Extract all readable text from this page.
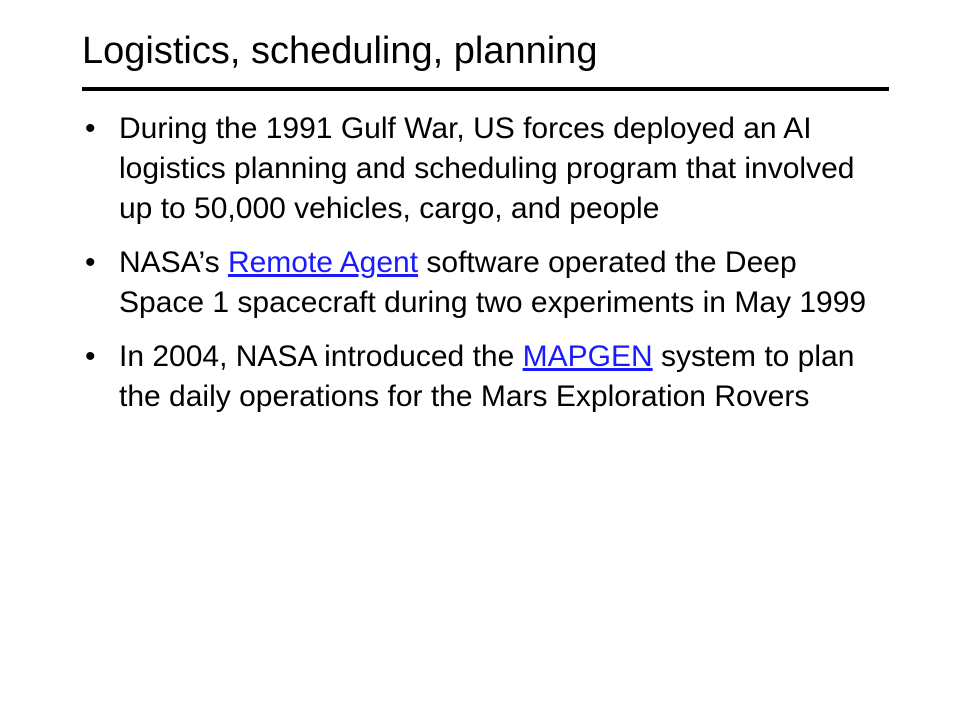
Logistics, scheduling, planning
• During the 1991 Gulf War, US forces deployed an AI logistics planning and scheduling program that involved up to 50,000 vehicles, cargo, and people
• NASA’s Remote Agent software operated the Deep Space 1 spacecraft during two experiments in May 1999
• In 2004, NASA introduced the MAPGEN system to plan the daily operations for the Mars Exploration Rovers
